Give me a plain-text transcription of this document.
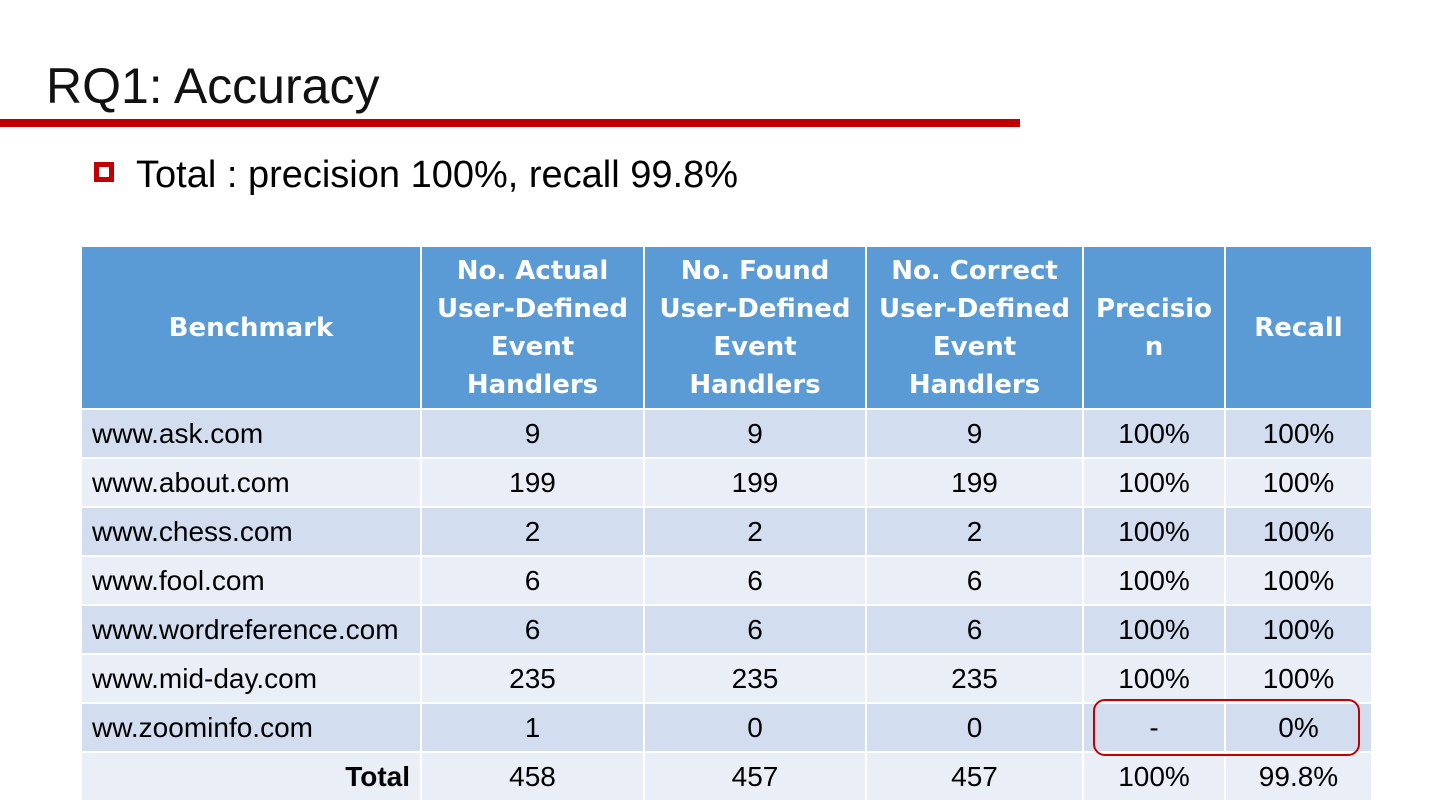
RQ1: Accuracy
Total : precision 100%, recall 99.8%
Benchmark	No. Actual User-Defined Event Handlers	No. Found User-Defined Event Handlers	No. Correct User-Defined Event Handlers	Precisio n	Recall
www.ask.com	9	9	9	100%	100%
www.about.com	199	199	199	100%	100%
www.chess.com	2	2	2	100%	100%
www.fool.com	6	6	6	100%	100%
www.wordreference.com	6	6	6	100%	100%
www.mid-day.com	235	235	235	100%	100%
ww.zoominfo.com	1	0	0	-	0%
Total	458	457	457	100%	99.8%
